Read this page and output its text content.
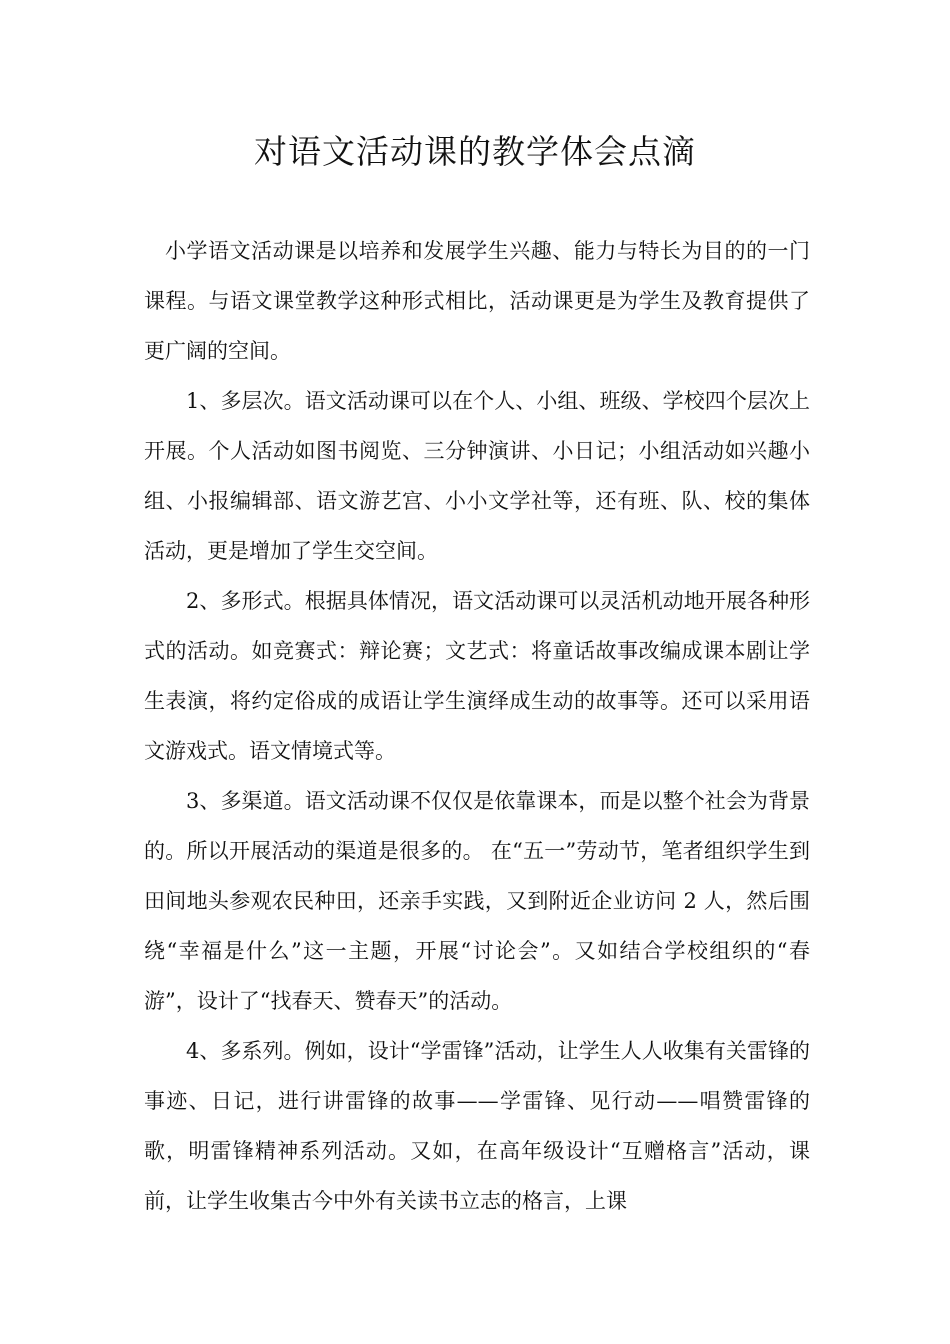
对语文活动课的教学体会点滴

小学语文活动课是以培养和发展学生兴趣、能力与特长为目的的一门课程。与语文课堂教学这种形式相比，活动课更是为学生及教育提供了更广阔的空间。

1、多层次。语文活动课可以在个人、小组、班级、学校四个层次上开展。个人活动如图书阅览、三分钟演讲、小日记；小组活动如兴趣小组、小报编辑部、语文游艺宫、小小文学社等，还有班、队、校的集体活动，更是增加了学生交空间。

2、多形式。根据具体情况，语文活动课可以灵活机动地开展各种形式的活动。如竞赛式：辩论赛；文艺式：将童话故事改编成课本剧让学生表演，将约定俗成的成语让学生演绎成生动的故事等。还可以采用语文游戏式。语文情境式等。

3、多渠道。语文活动课不仅仅是依靠课本，而是以整个社会为背景的。所以开展活动的渠道是很多的。 在“五一”劳动节，笔者组织学生到田间地头参观农民种田，还亲手实践，又到附近企业访问 2 人，然后围绕“幸福是什么”这一主题，开展“讨论会”。又如结合学校组织的“春游”，设计了“找春天、赞春天”的活动。

4、多系列。例如，设计“学雷锋”活动，让学生人人收集有关雷锋的事迹、日记，进行讲雷锋的故事——学雷锋、见行动——唱赞雷锋的歌，明雷锋精神系列活动。又如，在高年级设计“互赠格言”活动，课前，让学生收集古今中外有关读书立志的格言，上课
